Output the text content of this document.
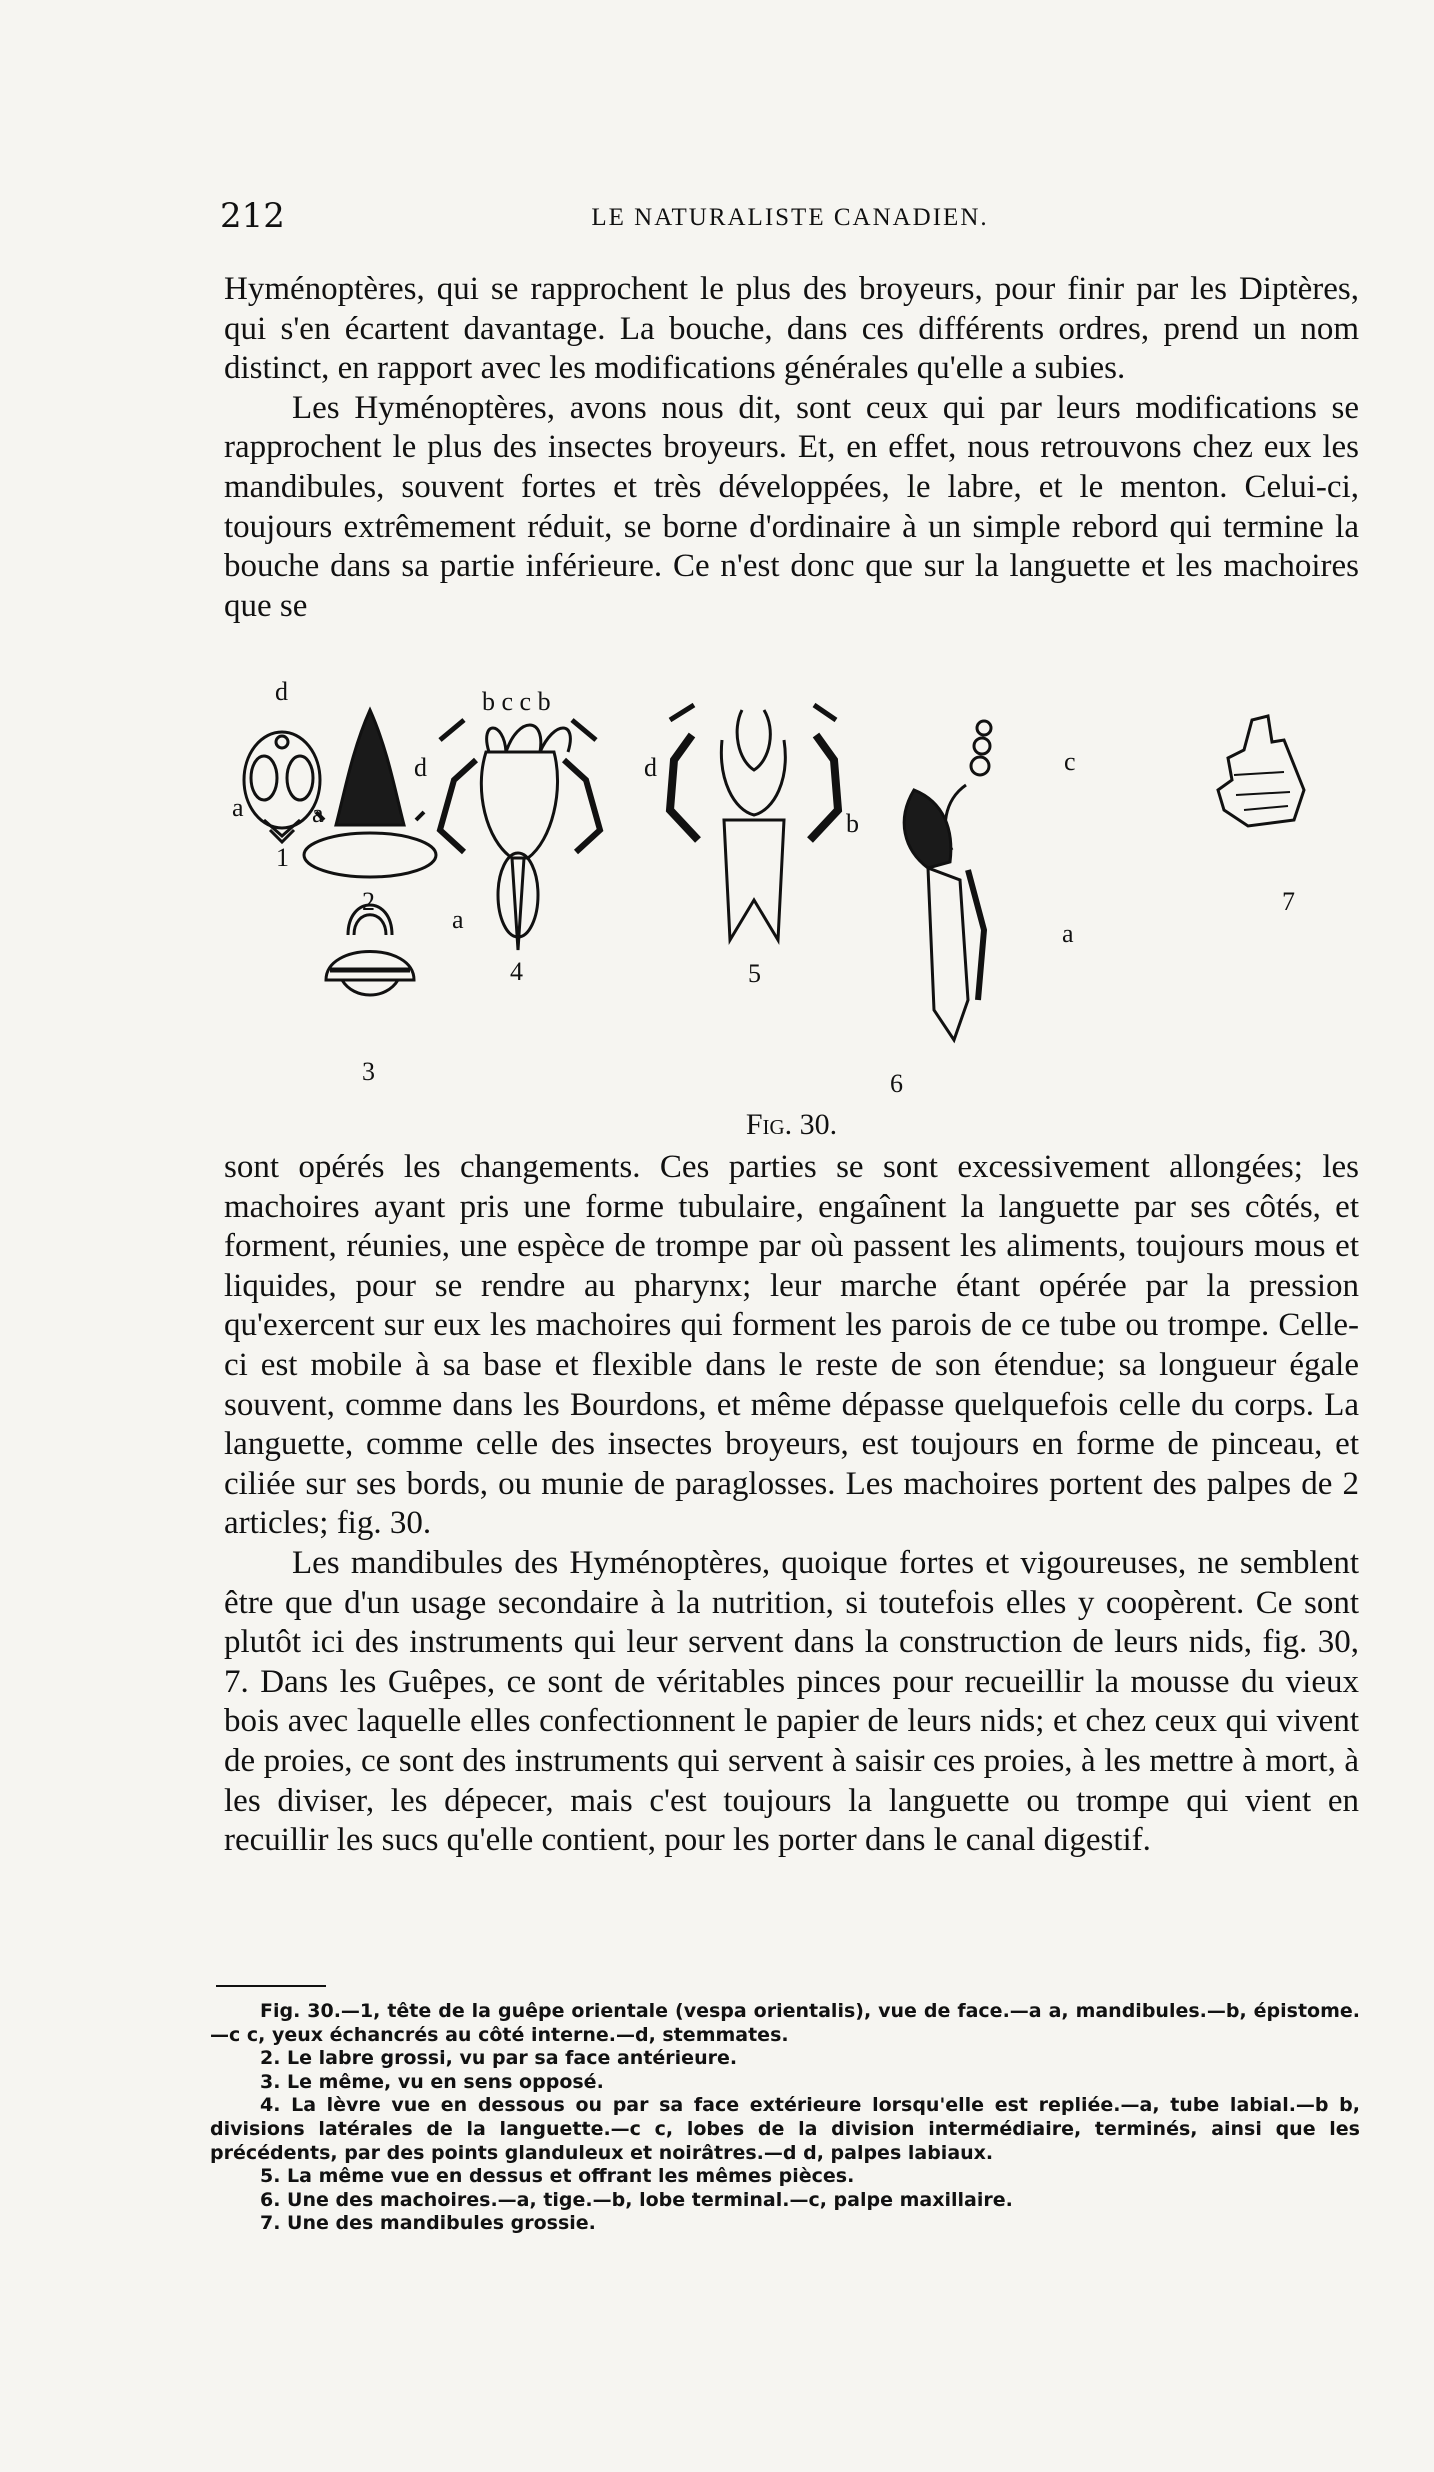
212	LE NATURALISTE CANADIEN.

Hyménoptères, qui se rapprochent le plus des broyeurs, pour finir par les Diptères, qui s'en écartent davantage. La bouche, dans ces différents ordres, prend un nom distinct, en rapport avec les modifications générales qu'elle a subies.

Les Hyménoptères, avons nous dit, sont ceux qui par leurs modifications se rapprochent le plus des insectes broyeurs. Et, en effet, nous retrouvons chez eux les mandibules, souvent fortes et très développées, le labre, et le menton. Celui-ci, toujours extrêmement réduit, se borne d'ordinaire à un simple rebord qui termine la bouche dans sa partie inférieure. Ce n'est donc que sur la languette et les machoires que se

d
a	a
1
2
3
b c c b
d
a
4
d
5
b
c
a
6
7
Fig. 30.

sont opérés les changements. Ces parties se sont excessivement allongées; les machoires ayant pris une forme tubulaire, engaînent la languette par ses côtés, et forment, réunies, une espèce de trompe par où passent les aliments, toujours mous et liquides, pour se rendre au pharynx; leur marche étant opérée par la pression qu'exercent sur eux les machoires qui forment les parois de ce tube ou trompe. Celle-ci est mobile à sa base et flexible dans le reste de son étendue; sa longueur égale souvent, comme dans les Bourdons, et même dépasse quelquefois celle du corps. La languette, comme celle des insectes broyeurs, est toujours en forme de pinceau, et ciliée sur ses bords, ou munie de paraglosses. Les machoires portent des palpes de 2 articles; fig. 30.

Les mandibules des Hyménoptères, quoique fortes et vigoureuses, ne semblent être que d'un usage secondaire à la nutrition, si toutefois elles y coopèrent. Ce sont plutôt ici des instruments qui leur servent dans la construction de leurs nids, fig. 30, 7. Dans les Guêpes, ce sont de véritables pinces pour recueillir la mousse du vieux bois avec laquelle elles confectionnent le papier de leurs nids; et chez ceux qui vivent de proies, ce sont des instruments qui servent à saisir ces proies, à les mettre à mort, à les diviser, les dépecer, mais c'est toujours la languette ou trompe qui vient en recuillir les sucs qu'elle contient, pour les porter dans le canal digestif.

Fig. 30.—1, tête de la guêpe orientale (vespa orientalis), vue de face.—a a, mandibules.—b, épistome.—c c, yeux échancrés au côté interne.—d, stemmates.

2. Le labre grossi, vu par sa face antérieure.

3. Le même, vu en sens opposé.

4. La lèvre vue en dessous ou par sa face extérieure lorsqu'elle est repliée.—a, tube labial.—b b, divisions latérales de la languette.—c c, lobes de la division intermédiaire, terminés, ainsi que les précédents, par des points glanduleux et noirâtres.—d d, palpes labiaux.

5. La même vue en dessus et offrant les mêmes pièces.

6. Une des machoires.—a, tige.—b, lobe terminal.—c, palpe maxillaire.

7. Une des mandibules grossie.
